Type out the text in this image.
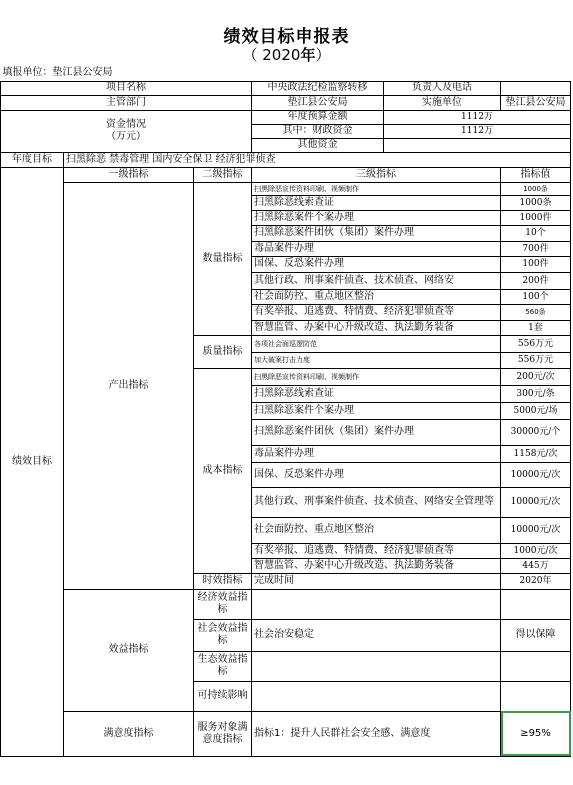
绩效目标申报表
（ 2020年）
填报单位：垫江县公安局					
项目名称			中央政法纪检监察转移	负责人及电话	
主管部门			垫江县公安局	实施单位	垫江县公安局
资金情况
（万元）			年度预算金额	1112万	
			其中：财政资金	1112万	
			其他资金		
年度目标	扫黑除恶 禁毒管理 国内安全保卫 经济犯罪侦查				
绩效目标	一级指标	二级指标	三级指标		指标值
	产出指标	数量指标	扫黑除恶宣传资料印刷、视频制作		1000条
			扫黑除恶线索查证		1000条
			扫黑除恶案件个案办理		1000件
			扫黑除恶案件团伙（集团）案件办理		10个
			毒品案件办理		700件
			国保、反恐案件办理		100件
			其他行政、刑事案件侦查、技术侦查、网络安		200件
			社会面防控、重点地区整治		100个
			有奖举报、追逃费、特情费、经济犯罪侦查等		560条
			智慧监管、办案中心升级改造、执法勤务装备		1套
		质量指标	各项社会面巡逻防范		556万元
			加大破案打击力度		556万元
		成本指标	扫黑除恶宣传资料印刷、视频制作		200元/次
			扫黑除恶线索查证		300元/条
			扫黑除恶案件个案办理		5000元/场
			扫黑除恶案件团伙（集团）案件办理		30000元/个
			毒品案件办理		1158元/次
			国保、反恐案件办理		10000元/次
			其他行政、刑事案件侦查、技术侦查、网络安全管理等		10000元/次
			社会面防控、重点地区整治		10000元/次
			有奖举报、追逃费、特情费、经济犯罪侦查等		1000元/次
			智慧监管、办案中心升级改造、执法勤务装备		445万
		时效指标	完成时间		2020年
	效益指标	经济效益指标			
		社会效益指标	社会治安稳定		得以保障
		生态效益指标			
		可持续影响			
	满意度指标	服务对象满意度指标	指标1：提升人民群社会安全感、满意度		≥95%
